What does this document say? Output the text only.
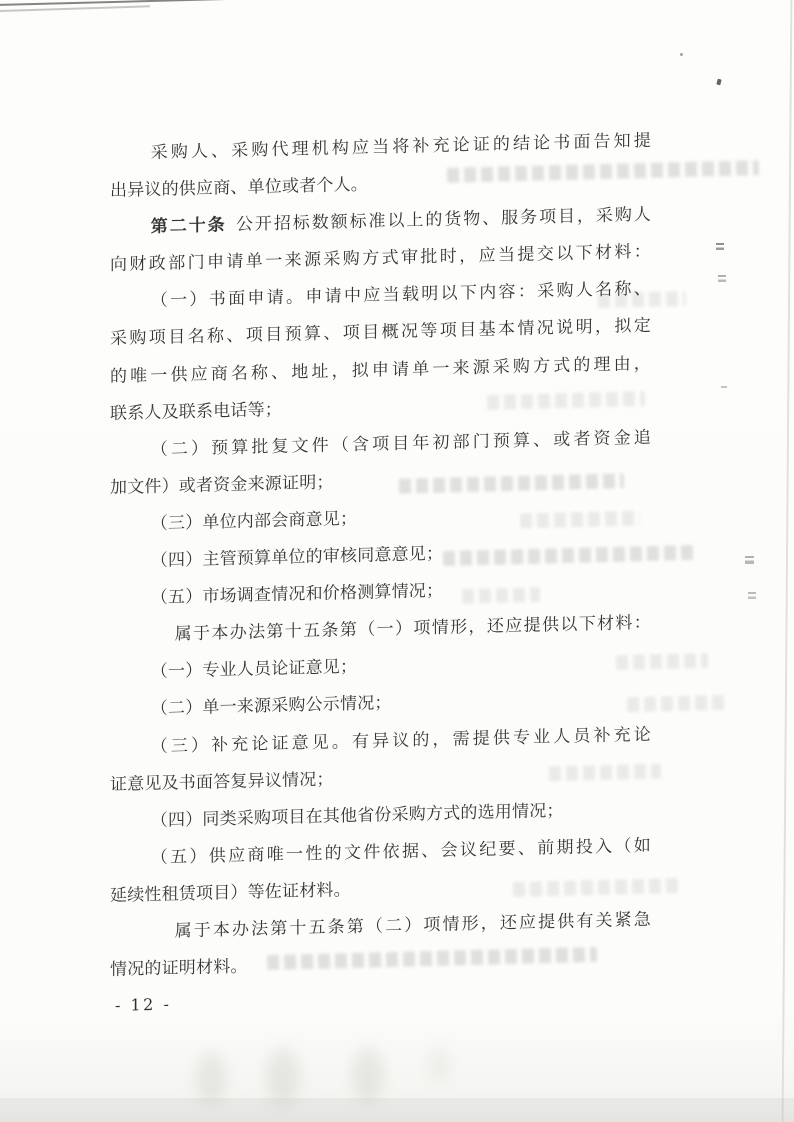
采购人、采购代理机构应当将补充论证的结论书面告知提
出异议的供应商、单位或者个人。
第二十条 公开招标数额标准以上的货物、服务项目，采购人
向财政部门申请单一来源采购方式审批时，应当提交以下材料：
（一）书面申请。申请中应当载明以下内容：采购人名称、
采购项目名称、项目预算、项目概况等项目基本情况说明，拟定
的唯一供应商名称、地址，拟申请单一来源采购方式的理由，
联系人及联系电话等；
（二）预算批复文件（含项目年初部门预算、或者资金追
加文件）或者资金来源证明；
（三）单位内部会商意见；
（四）主管预算单位的审核同意意见；
（五）市场调查情况和价格测算情况；
属于本办法第十五条第（一）项情形，还应提供以下材料：
（一）专业人员论证意见；
（二）单一来源采购公示情况；
（三）补充论证意见。有异议的，需提供专业人员补充论
证意见及书面答复异议情况；
（四）同类采购项目在其他省份采购方式的选用情况；
（五）供应商唯一性的文件依据、会议纪要、前期投入（如
延续性租赁项目）等佐证材料。
属于本办法第十五条第（二）项情形，还应提供有关紧急
情况的证明材料。
- 12 -
